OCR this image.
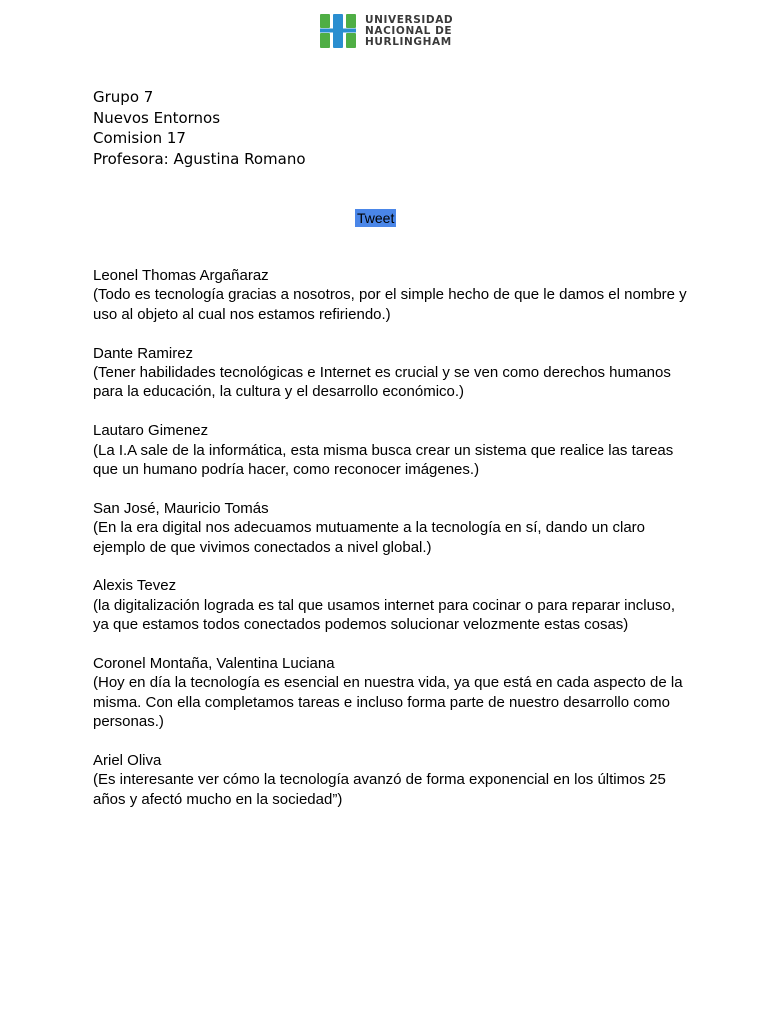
UNIVERSIDAD
NACIONAL DE
HURLINGHAM
Grupo 7
Nuevos Entornos
Comision 17
Profesora: Agustina Romano
Tweet
Leonel Thomas Argañaraz
(Todo es tecnología gracias a nosotros, por el simple hecho de que le damos el nombre y uso al objeto al cual nos estamos refiriendo.)
Dante Ramirez
(Tener habilidades tecnológicas e Internet es crucial y se ven como derechos humanos para la educación, la cultura y el desarrollo económico.)
Lautaro Gimenez
(La I.A sale de la informática, esta misma busca crear un sistema que realice las tareas que un humano podría hacer, como reconocer imágenes.)
San José, Mauricio Tomás
(En la era digital nos adecuamos mutuamente a la tecnología en sí, dando un claro ejemplo de que vivimos conectados a nivel global.)
Alexis Tevez
(la digitalización lograda es tal que usamos internet para cocinar o para reparar incluso, ya que estamos todos conectados podemos solucionar velozmente estas cosas)
Coronel Montaña, Valentina Luciana
(Hoy en día la tecnología es esencial en nuestra vida, ya que está en cada aspecto de la misma. Con ella completamos tareas e incluso forma parte de nuestro desarrollo como personas.)
Ariel Oliva
(Es interesante ver cómo la tecnología avanzó de forma exponencial en los últimos 25 años y afectó mucho en la sociedad”)
